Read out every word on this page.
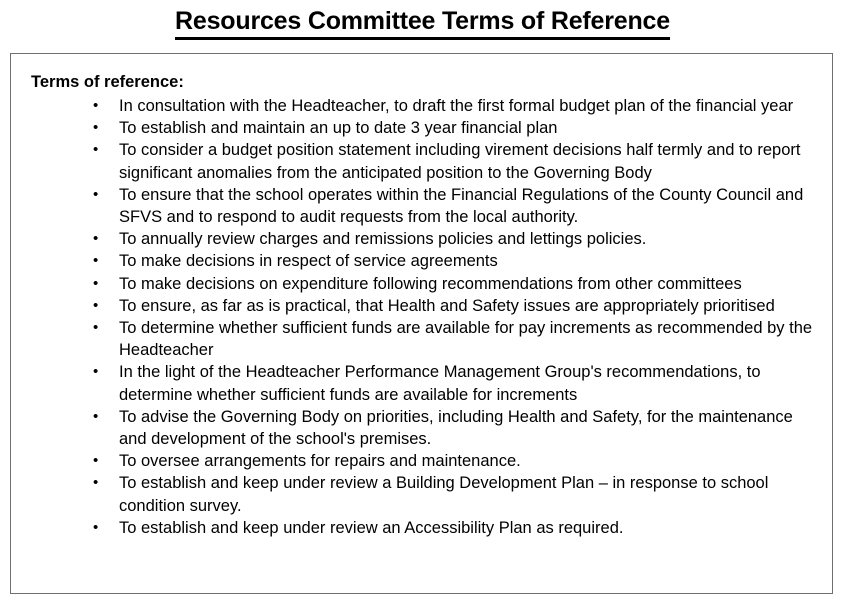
Resources Committee Terms of Reference
Terms of reference:
• In consultation with the Headteacher, to draft the first formal budget plan of the financial year
• To establish and maintain an up to date 3 year financial plan
• To consider a budget position statement including virement decisions half termly and to report significant anomalies from the anticipated position to the Governing Body
• To ensure that the school operates within the Financial Regulations of the County Council and SFVS and to respond to audit requests from the local authority.
• To annually review charges and remissions policies and lettings policies.
• To make decisions in respect of service agreements
• To make decisions on expenditure following recommendations from other committees
• To ensure, as far as is practical, that Health and Safety issues are appropriately prioritised
• To determine whether sufficient funds are available for pay increments as recommended by the Headteacher
• In the light of the Headteacher Performance Management Group's recommendations, to determine whether sufficient funds are available for increments
• To advise the Governing Body on priorities, including Health and Safety, for the maintenance and development of the school's premises.
• To oversee arrangements for repairs and maintenance.
• To establish and keep under review a Building Development Plan – in response to school condition survey.
• To establish and keep under review an Accessibility Plan as required.
